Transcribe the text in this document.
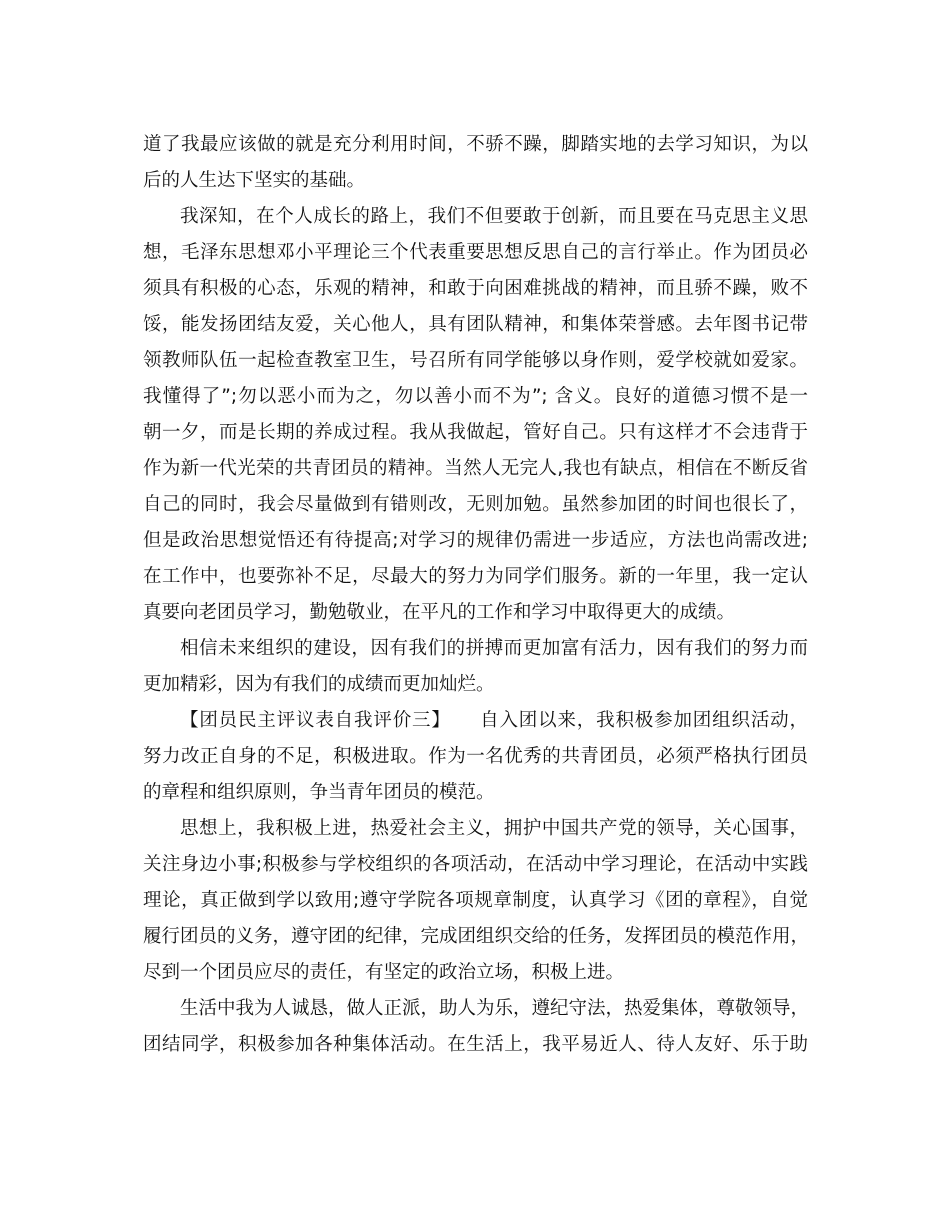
道了我最应该做的就是充分利用时间，不骄不躁，脚踏实地的去学习知识，为以
后的人生达下坚实的基础。
我深知，在个人成长的路上，我们不但要敢于创新，而且要在马克思主义思
想，毛泽东思想邓小平理论三个代表重要思想反思自己的言行举止。作为团员必
须具有积极的心态，乐观的精神，和敢于向困难挑战的精神，而且骄不躁，败不
馁，能发扬团结友爱，关心他人，具有团队精神，和集体荣誉感。去年图书记带
领教师队伍一起检查教室卫生，号召所有同学能够以身作则，爱学校就如爱家。
我懂得了”;勿以恶小而为之，勿以善小而不为”; 含义。良好的道德习惯不是一
朝一夕，而是长期的养成过程。我从我做起，管好自己。只有这样才不会违背于
作为新一代光荣的共青团员的精神。当然人无完人,我也有缺点，相信在不断反省
自己的同时，我会尽量做到有错则改，无则加勉。虽然参加团的时间也很长了，
但是政治思想觉悟还有待提高;对学习的规律仍需进一步适应，方法也尚需改进;
在工作中，也要弥补不足，尽最大的努力为同学们服务。新的一年里，我一定认
真要向老团员学习，勤勉敬业，在平凡的工作和学习中取得更大的成绩。
相信未来组织的建设，因有我们的拼搏而更加富有活力，因有我们的努力而
更加精彩，因为有我们的成绩而更加灿烂。
【团员民主评议表自我评价三】　　自入团以来，我积极参加团组织活动，
努力改正自身的不足，积极进取。作为一名优秀的共青团员，必须严格执行团员
的章程和组织原则，争当青年团员的模范。
思想上，我积极上进，热爱社会主义，拥护中国共产党的领导，关心国事，
关注身边小事;积极参与学校组织的各项活动，在活动中学习理论，在活动中实践
理论，真正做到学以致用;遵守学院各项规章制度，认真学习《团的章程》，自觉
履行团员的义务，遵守团的纪律，完成团组织交给的任务，发挥团员的模范作用，
尽到一个团员应尽的责任，有坚定的政治立场，积极上进。
生活中我为人诚恳，做人正派，助人为乐，遵纪守法，热爱集体，尊敬领导，
团结同学，积极参加各种集体活动。在生活上，我平易近人、待人友好、乐于助
